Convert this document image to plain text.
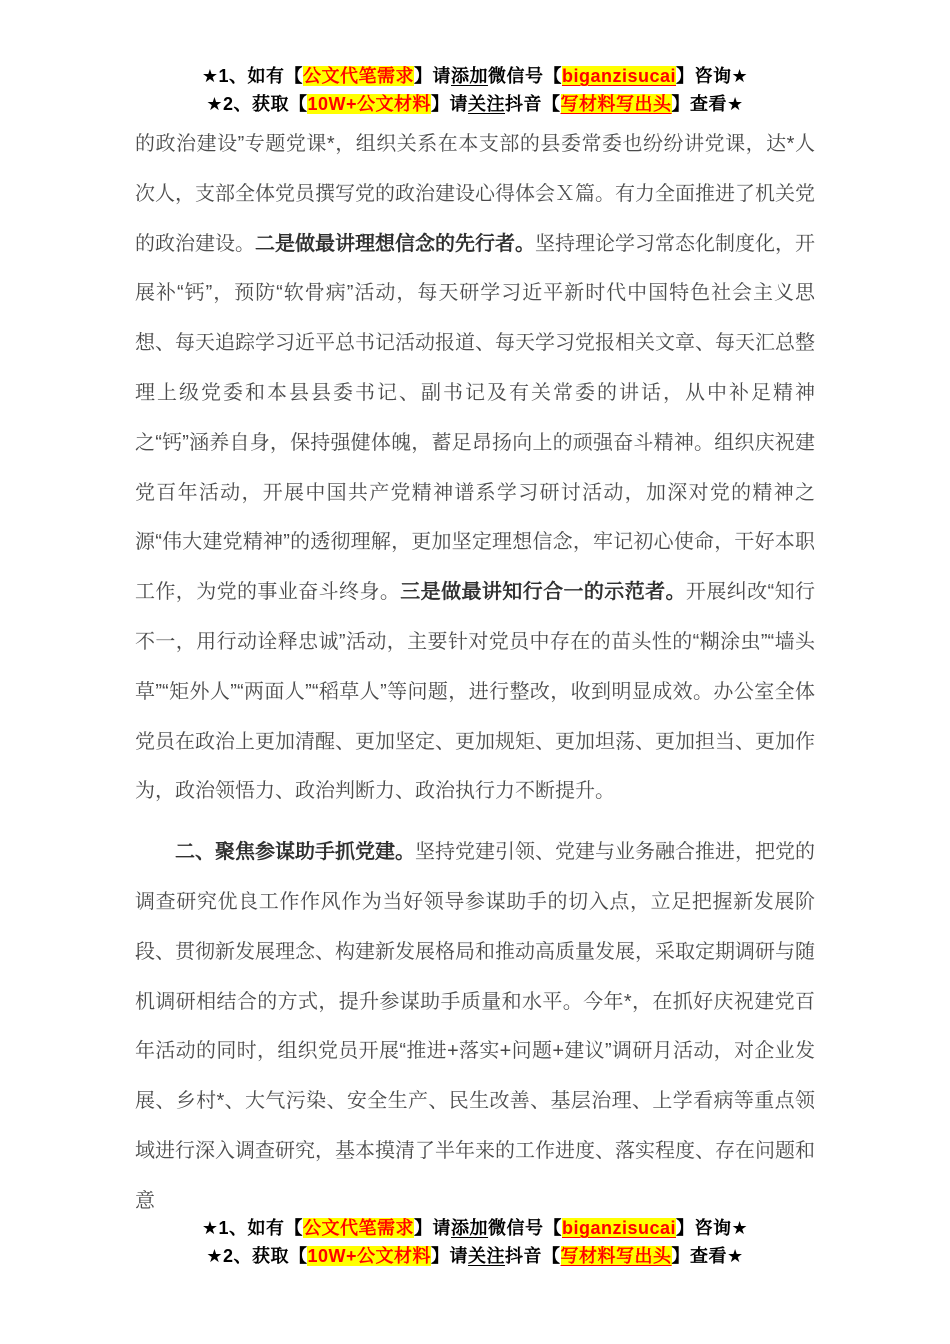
★1、如有【公文代笔需求】请添加微信号【biganzisucai】咨询★
★2、获取【10W+公文材料】请关注抖音【写材料写出头】查看★

的政治建设”专题党课*，组织关系在本支部的县委常委也纷纷讲党课，达*人次人，支部全体党员撰写党的政治建设心得体会Ｘ篇。有力全面推进了机关党的政治建设。二是做最讲理想信念的先行者。坚持理论学习常态化制度化，开展补“钙”，预防“软骨病”活动，每天研学习近平新时代中国特色社会主义思想、每天追踪学习近平总书记活动报道、每天学习党报相关文章、每天汇总整理上级党委和本县县委书记、副书记及有关常委的讲话，从中补足精神之“钙”涵养自身，保持强健体魄，蓄足昂扬向上的顽强奋斗精神。组织庆祝建党百年活动，开展中国共产党精神谱系学习研讨活动，加深对党的精神之源“伟大建党精神”的透彻理解，更加坚定理想信念，牢记初心使命，干好本职工作，为党的事业奋斗终身。三是做最讲知行合一的示范者。开展纠改“知行不一，用行动诠释忠诚”活动，主要针对党员中存在的苗头性的“糊涂虫”“墙头草”“矩外人”“两面人”“稻草人”等问题，进行整改，收到明显成效。办公室全体党员在政治上更加清醒、更加坚定、更加规矩、更加坦荡、更加担当、更加作为，政治领悟力、政治判断力、政治执行力不断提升。

二、聚焦参谋助手抓党建。坚持党建引领、党建与业务融合推进，把党的调查研究优良工作作风作为当好领导参谋助手的切入点，立足把握新发展阶段、贯彻新发展理念、构建新发展格局和推动高质量发展，采取定期调研与随机调研相结合的方式，提升参谋助手质量和水平。今年*，在抓好庆祝建党百年活动的同时，组织党员开展“推进+落实+问题+建议”调研月活动，对企业发展、乡村*、大气污染、安全生产、民生改善、基层治理、上学看病等重点领域进行深入调查研究，基本摸清了半年来的工作进度、落实程度、存在问题和意

★1、如有【公文代笔需求】请添加微信号【biganzisucai】咨询★
★2、获取【10W+公文材料】请关注抖音【写材料写出头】查看★
